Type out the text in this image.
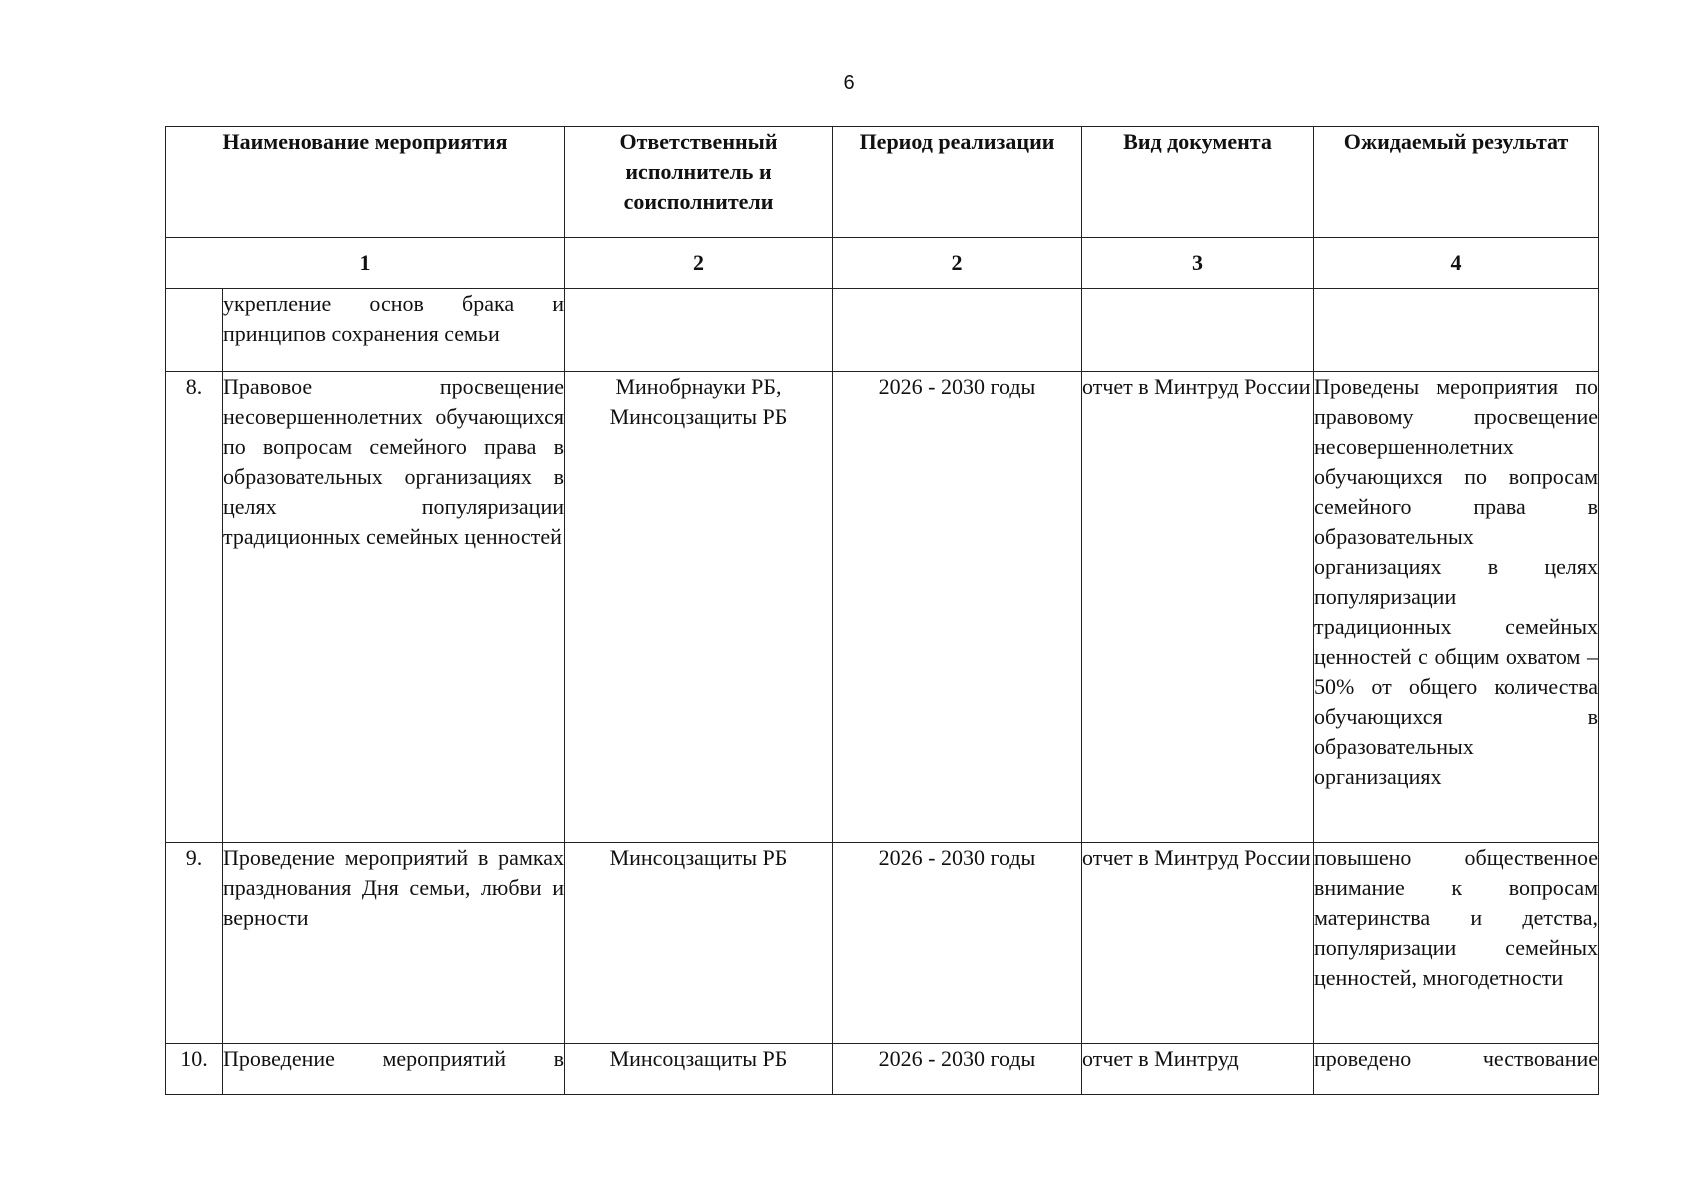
6
Наименование мероприятия		Ответственный исполнитель и соисполнители	Период реализации	Вид документа	Ожидаемый результат
1		2	2	3	4
	укрепление основ брака и принципов сохранения семьи				
8.	Правовое просвещение несовершеннолетних обучающихся по вопросам семейного права в образовательных организациях в целях популяризации традиционных семейных ценностей	Минобрнауки РБ, Минсоцзащиты РБ	2026 - 2030 годы	отчет в Минтруд России	Проведены мероприятия по правовому просвещение несовершеннолетних обучающихся по вопросам семейного права в образовательных организациях в целях популяризации традиционных семейных ценностей с общим охватом – 50% от общего количества обучающихся в образовательных организациях
9.	Проведение мероприятий в рамках празднования Дня семьи, любви и верности	Минсоцзащиты РБ	2026 - 2030 годы	отчет в Минтруд России	повышено общественное внимание к вопросам материнства и детства, популяризации семейных ценностей, многодетности
10.	Проведение мероприятий в	Минсоцзащиты РБ	2026 - 2030 годы	отчет в Минтруд	проведено чествование
